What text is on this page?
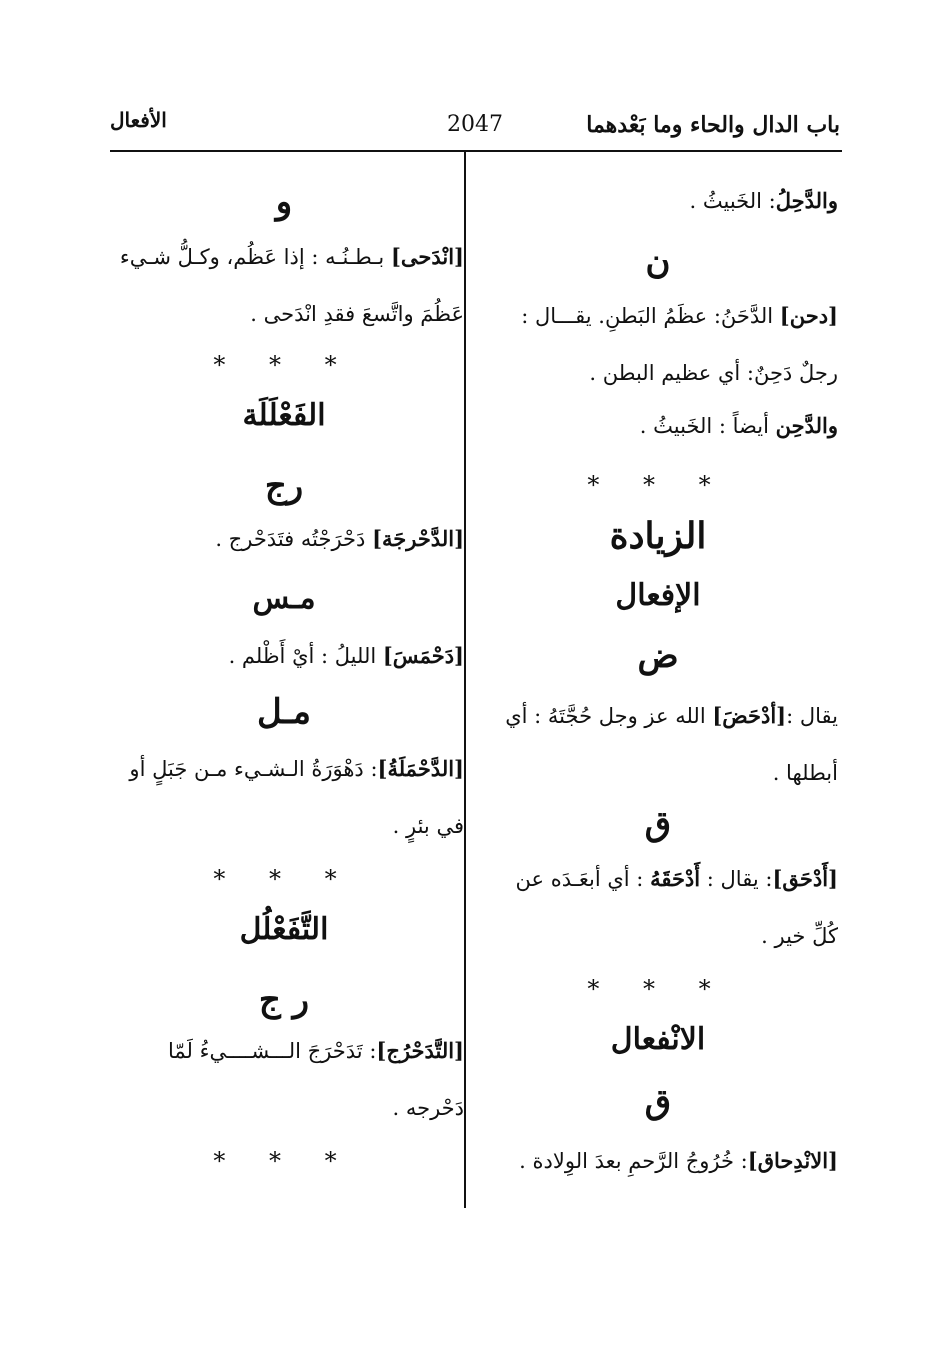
باب الدال والحاء وما بَعْدهما
2047
الأفعال
والدَّحِلُ: الخَبيثُ .
ن
[دحن] الدَّحَنُ: عظَمُ البَطنِ. يقـــال :
رجلٌ دَحِنٌ: أي عظيم البطن .
والدَّحِن أيضاً : الخَبيثُ .
* * *
الزيادة
الإفعال
ض
يقال :[أدْحَضَ] الله عز وجل حُجَّتَهُ : أي
أبطلها .
ق
[أَدْحَق]: يقال : أَدْحَقَهُ : أي أبعَـدَه عن
كُلِّ خير .
* * *
الانْفعال
ق
[الانْدِحاق]: خُرُوجُ الرَّحمِ بعدَ الوِلادة .
و
[انْدَحى] بـطـنُـه : إذا عَظُم، وكـلُّ شـيء
عَظُمَ واتَّسعَ فقدِ انْدَحى .
* * *
الفَعْلَلَة
رج
[الدَّحْرجَة] دَحْرَجْتُه فتَدَحْرج .
مـس
[دَحْمَسَ] الليلُ : أيْ أَظْلم .
مـل
[الدَّحْمَلَةُ]: دَهْوَرَةُ الـشـيء مـن جَبَلٍ أو
في بئرٍ .
* * *
التَّفَعْلُل
ر ج
[التَّدَحْرُج]: تَدَحْرَجَ الـــشــــيءُ لَمّا
دَحْرجه .
* * *
